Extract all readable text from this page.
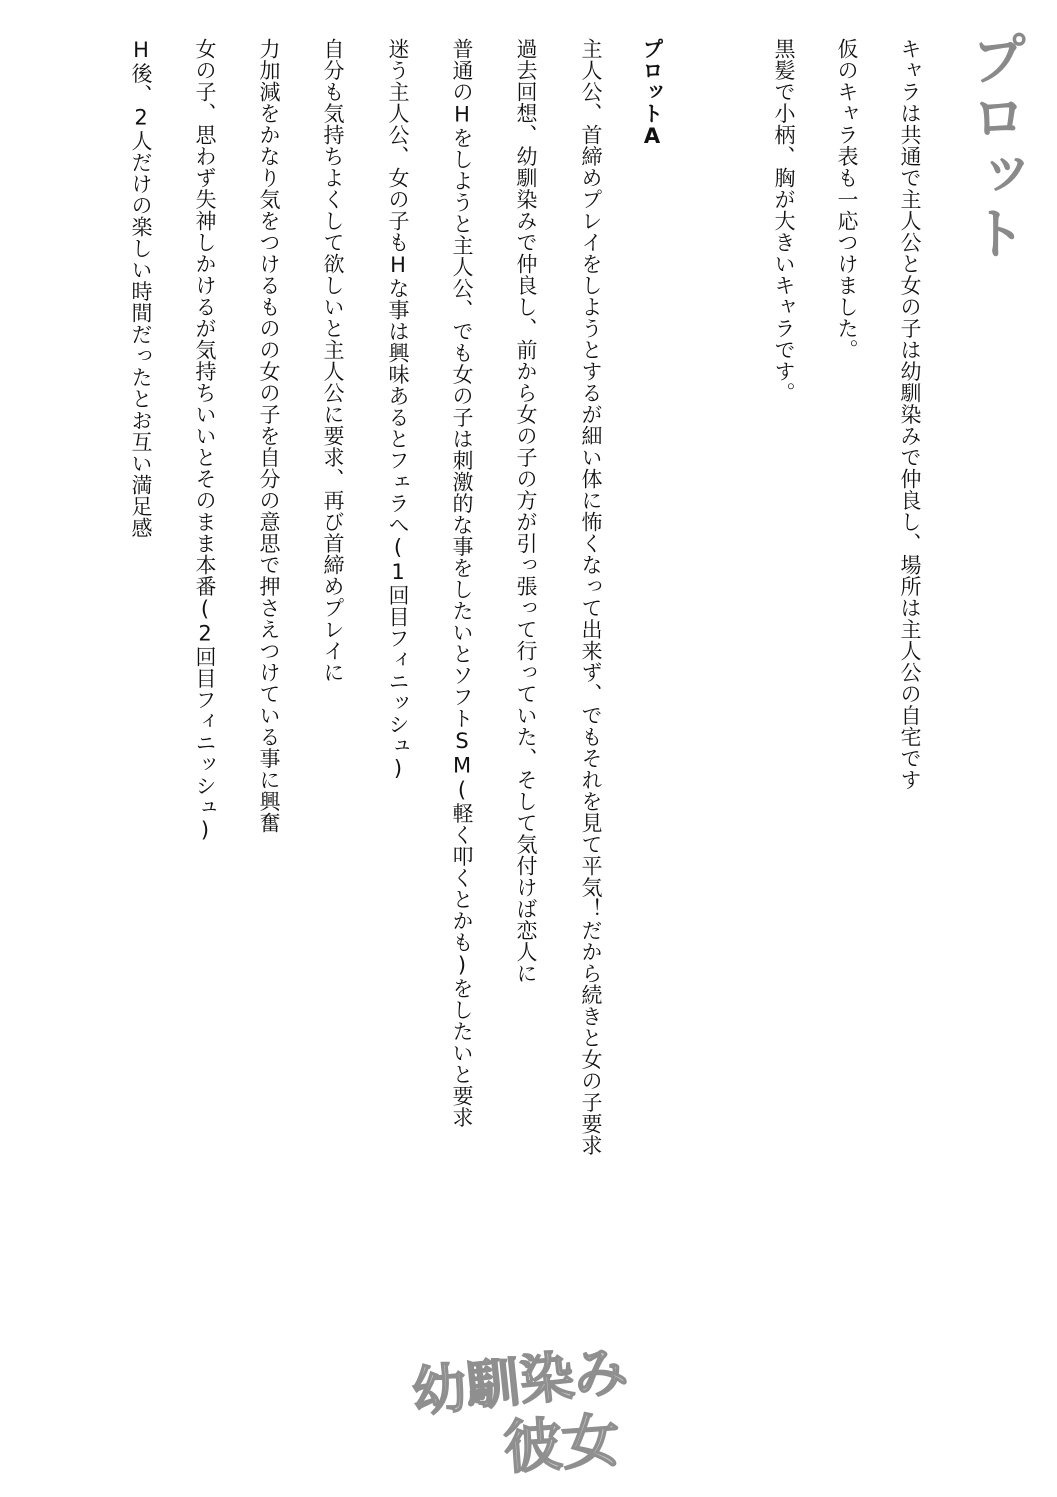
プロット
キャラは共通で主人公と女の子は幼馴染みで仲良し、場所は主人公の自宅です
仮のキャラ表も一応つけました。
黒髪で小柄、胸が大きいキャラです。
プロットA
主人公、首締めプレイをしようとするが細い体に怖くなって出来ず、でもそれを見て平気！だから続きと女の子要求
過去回想、幼馴染みで仲良し、前から女の子の方が引っ張って行っていた、そして気付けば恋人に
普通のHをしようと主人公、でも女の子は刺激的な事をしたいとソフトSM(軽く叩くとかも)をしたいと要求
迷う主人公、女の子もHな事は興味あるとフェラへ(1回目フィニッシュ)
自分も気持ちよくして欲しいと主人公に要求、再び首締めプレイに
力加減をかなり気をつけるものの女の子を自分の意思で押さえつけている事に興奮
女の子、思わず失神しかけるが気持ちいいとそのまま本番(2回目フィニッシュ)
H後、2人だけの楽しい時間だったとお互い満足感
幼馴染み
彼女
